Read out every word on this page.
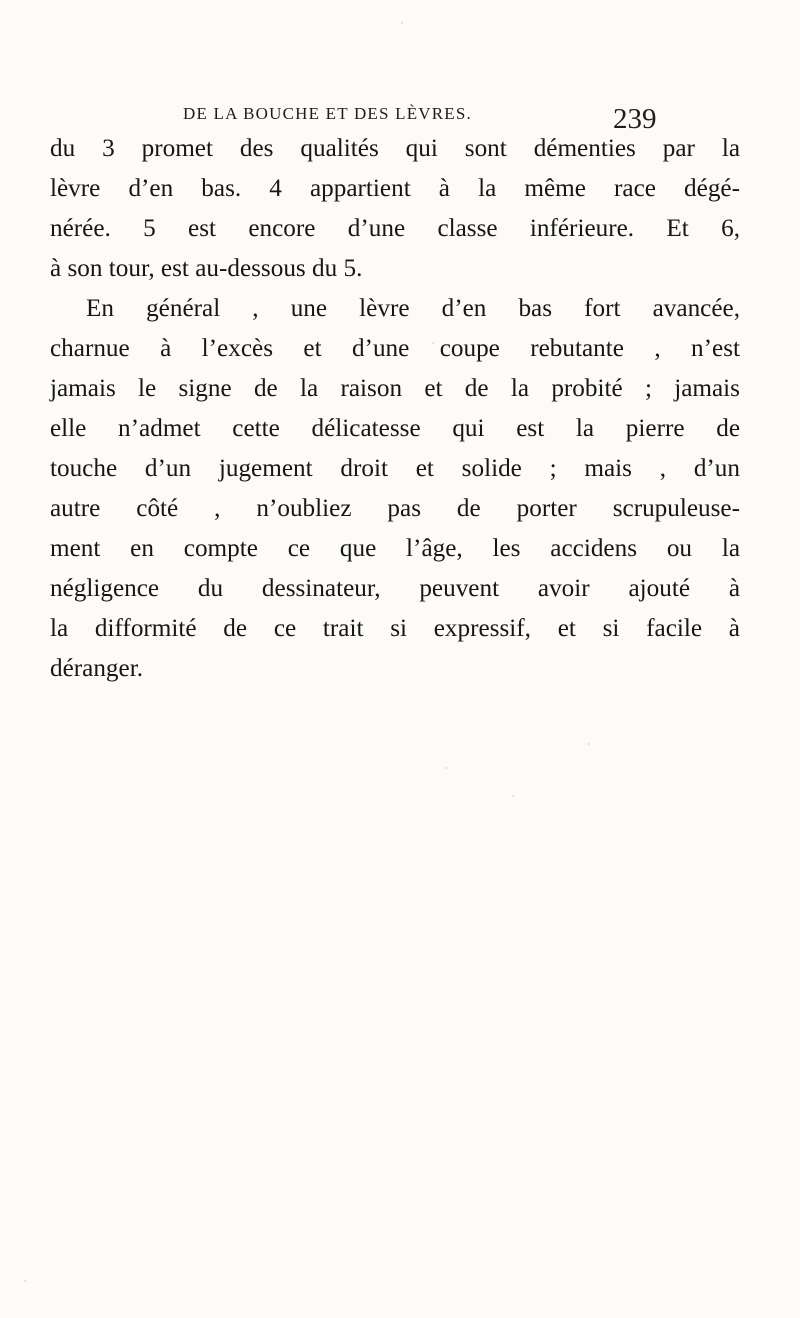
DE LA BOUCHE ET DES LÈVRES.	239
du 3 promet des qualités qui sont démenties par la
lèvre d’en bas. 4 appartient à la même race dégé-
nérée. 5 est encore d’une classe inférieure. Et 6,
à son tour, est au-dessous du 5.
En général , une lèvre d’en bas fort avancée,
charnue à l’excès et d’une coupe rebutante , n’est
jamais le signe de la raison et de la probité ; jamais
elle n’admet cette délicatesse qui est la pierre de
touche d’un jugement droit et solide ; mais , d’un
autre côté , n’oubliez pas de porter scrupuleuse-
ment en compte ce que l’âge, les accidens ou la
négligence du dessinateur, peuvent avoir ajouté à
la difformité de ce trait si expressif, et si facile à
déranger.
